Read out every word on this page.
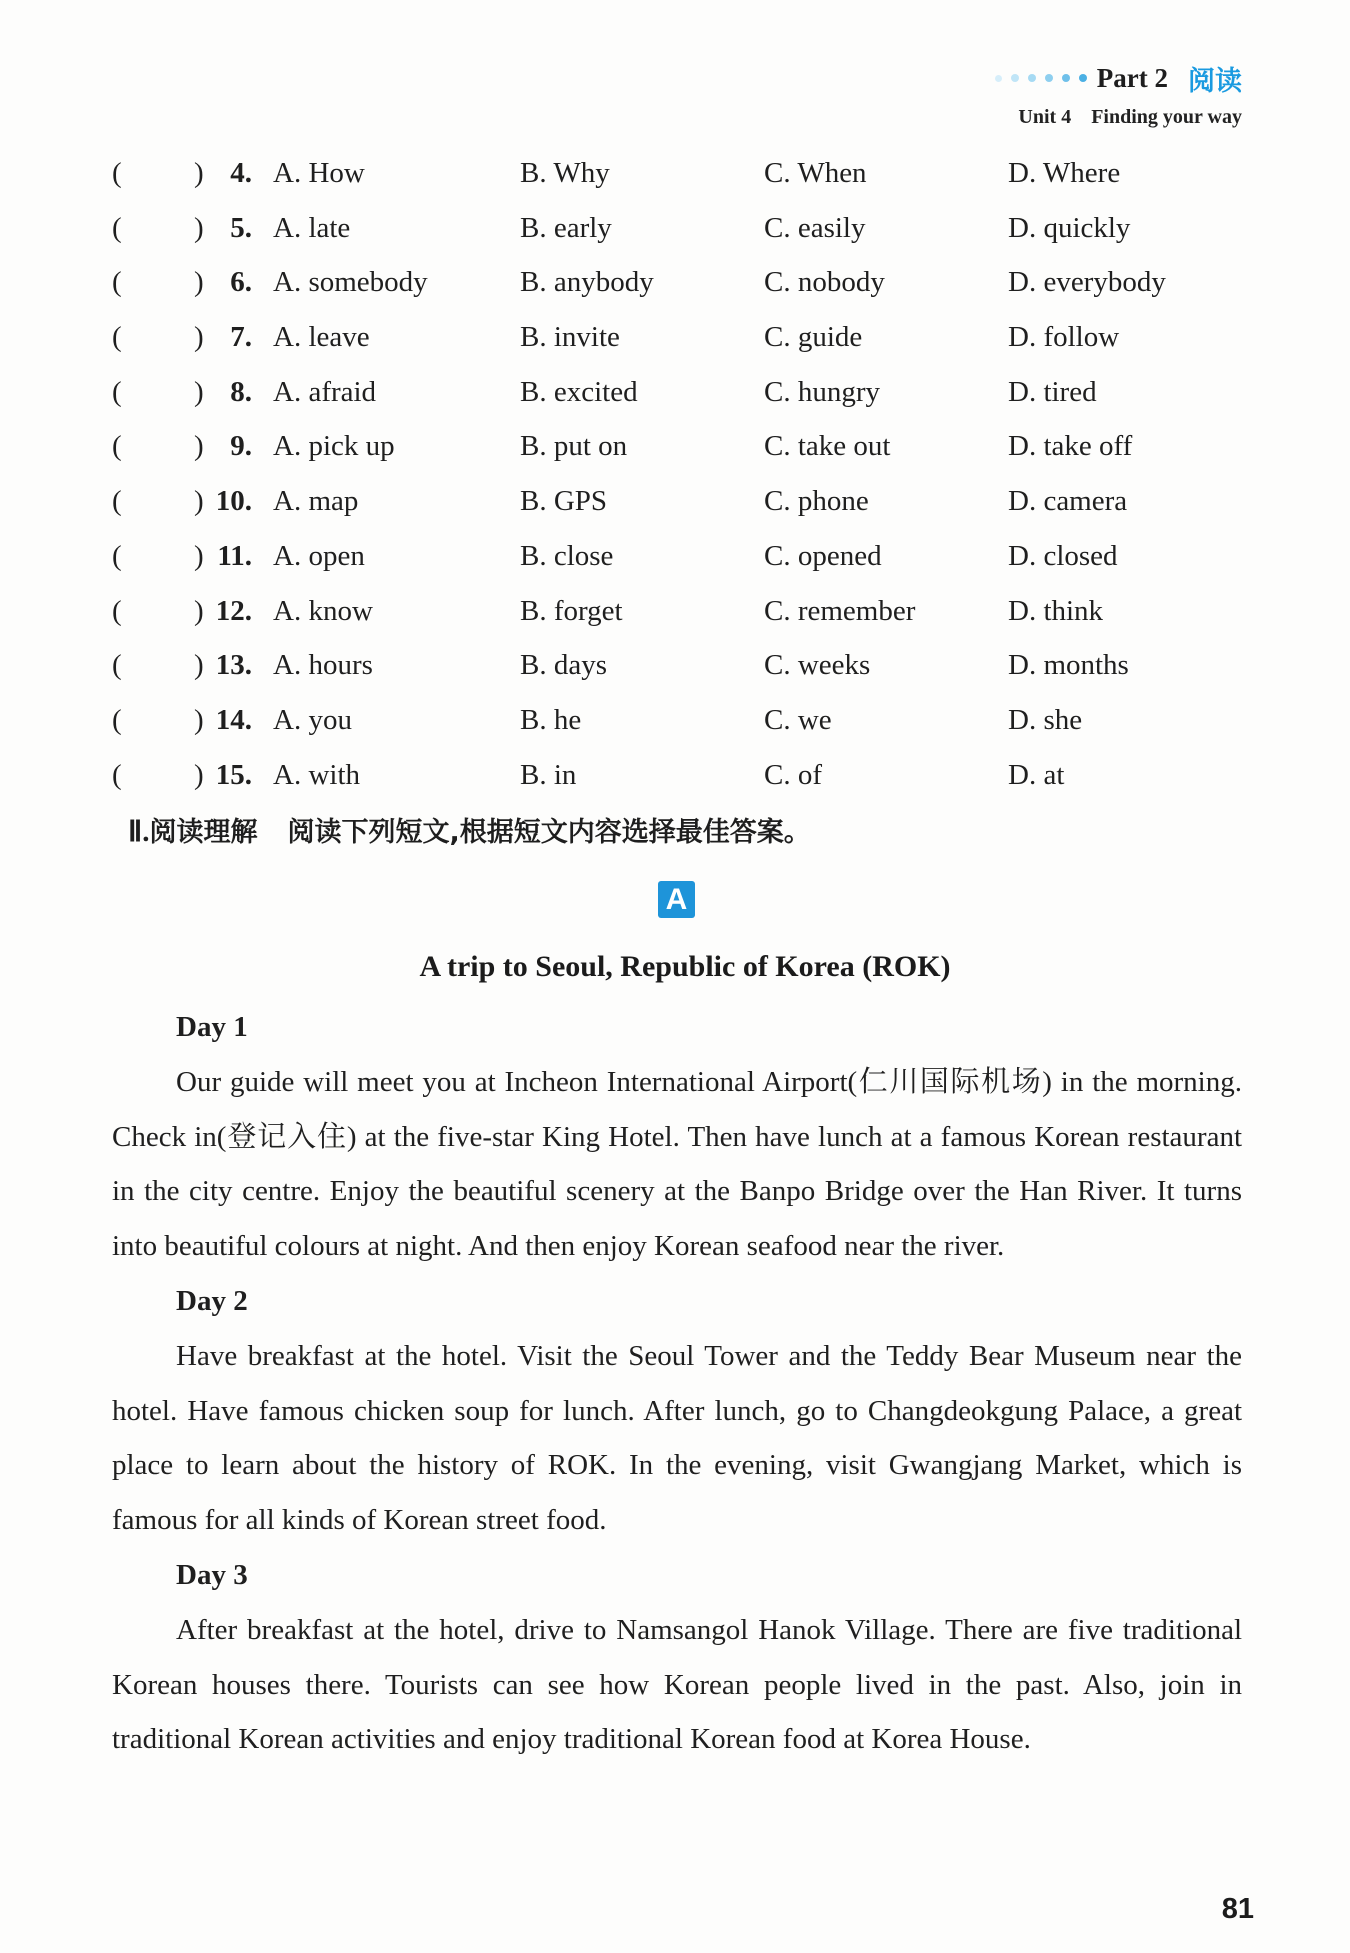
Part 2 阅读
Unit 4 Finding your way
( ) 4. A. How	B. Why	C. When	D. Where
( ) 5. A. late	B. early	C. easily	D. quickly
( ) 6. A. somebody	B. anybody	C. nobody	D. everybody
( ) 7. A. leave	B. invite	C. guide	D. follow
( ) 8. A. afraid	B. excited	C. hungry	D. tired
( ) 9. A. pick up	B. put on	C. take out	D. take off
( ) 10. A. map	B. GPS	C. phone	D. camera
( ) 11. A. open	B. close	C. opened	D. closed
( ) 12. A. know	B. forget	C. remember	D. think
( ) 13. A. hours	B. days	C. weeks	D. months
( ) 14. A. you	B. he	C. we	D. she
( ) 15. A. with	B. in	C. of	D. at
Ⅱ.阅读理解 阅读下列短文,根据短文内容选择最佳答案。
A
A trip to Seoul, Republic of Korea (ROK)
Day 1

Our guide will meet you at Incheon International Airport(仁川国际机场) in the morning. Check in(登记入住) at the five-star King Hotel. Then have lunch at a famous Korean restaurant in the city centre. Enjoy the beautiful scenery at the Banpo Bridge over the Han River. It turns into beautiful colours at night. And then enjoy Korean seafood near the river.

Day 2

Have breakfast at the hotel. Visit the Seoul Tower and the Teddy Bear Museum near the hotel. Have famous chicken soup for lunch. After lunch, go to Changdeokgung Palace, a great place to learn about the history of ROK. In the evening, visit Gwangjang Market, which is famous for all kinds of Korean street food.

Day 3

After breakfast at the hotel, drive to Namsangol Hanok Village. There are five traditional Korean houses there. Tourists can see how Korean people lived in the past. Also, join in traditional Korean activities and enjoy traditional Korean food at Korea House.

81
